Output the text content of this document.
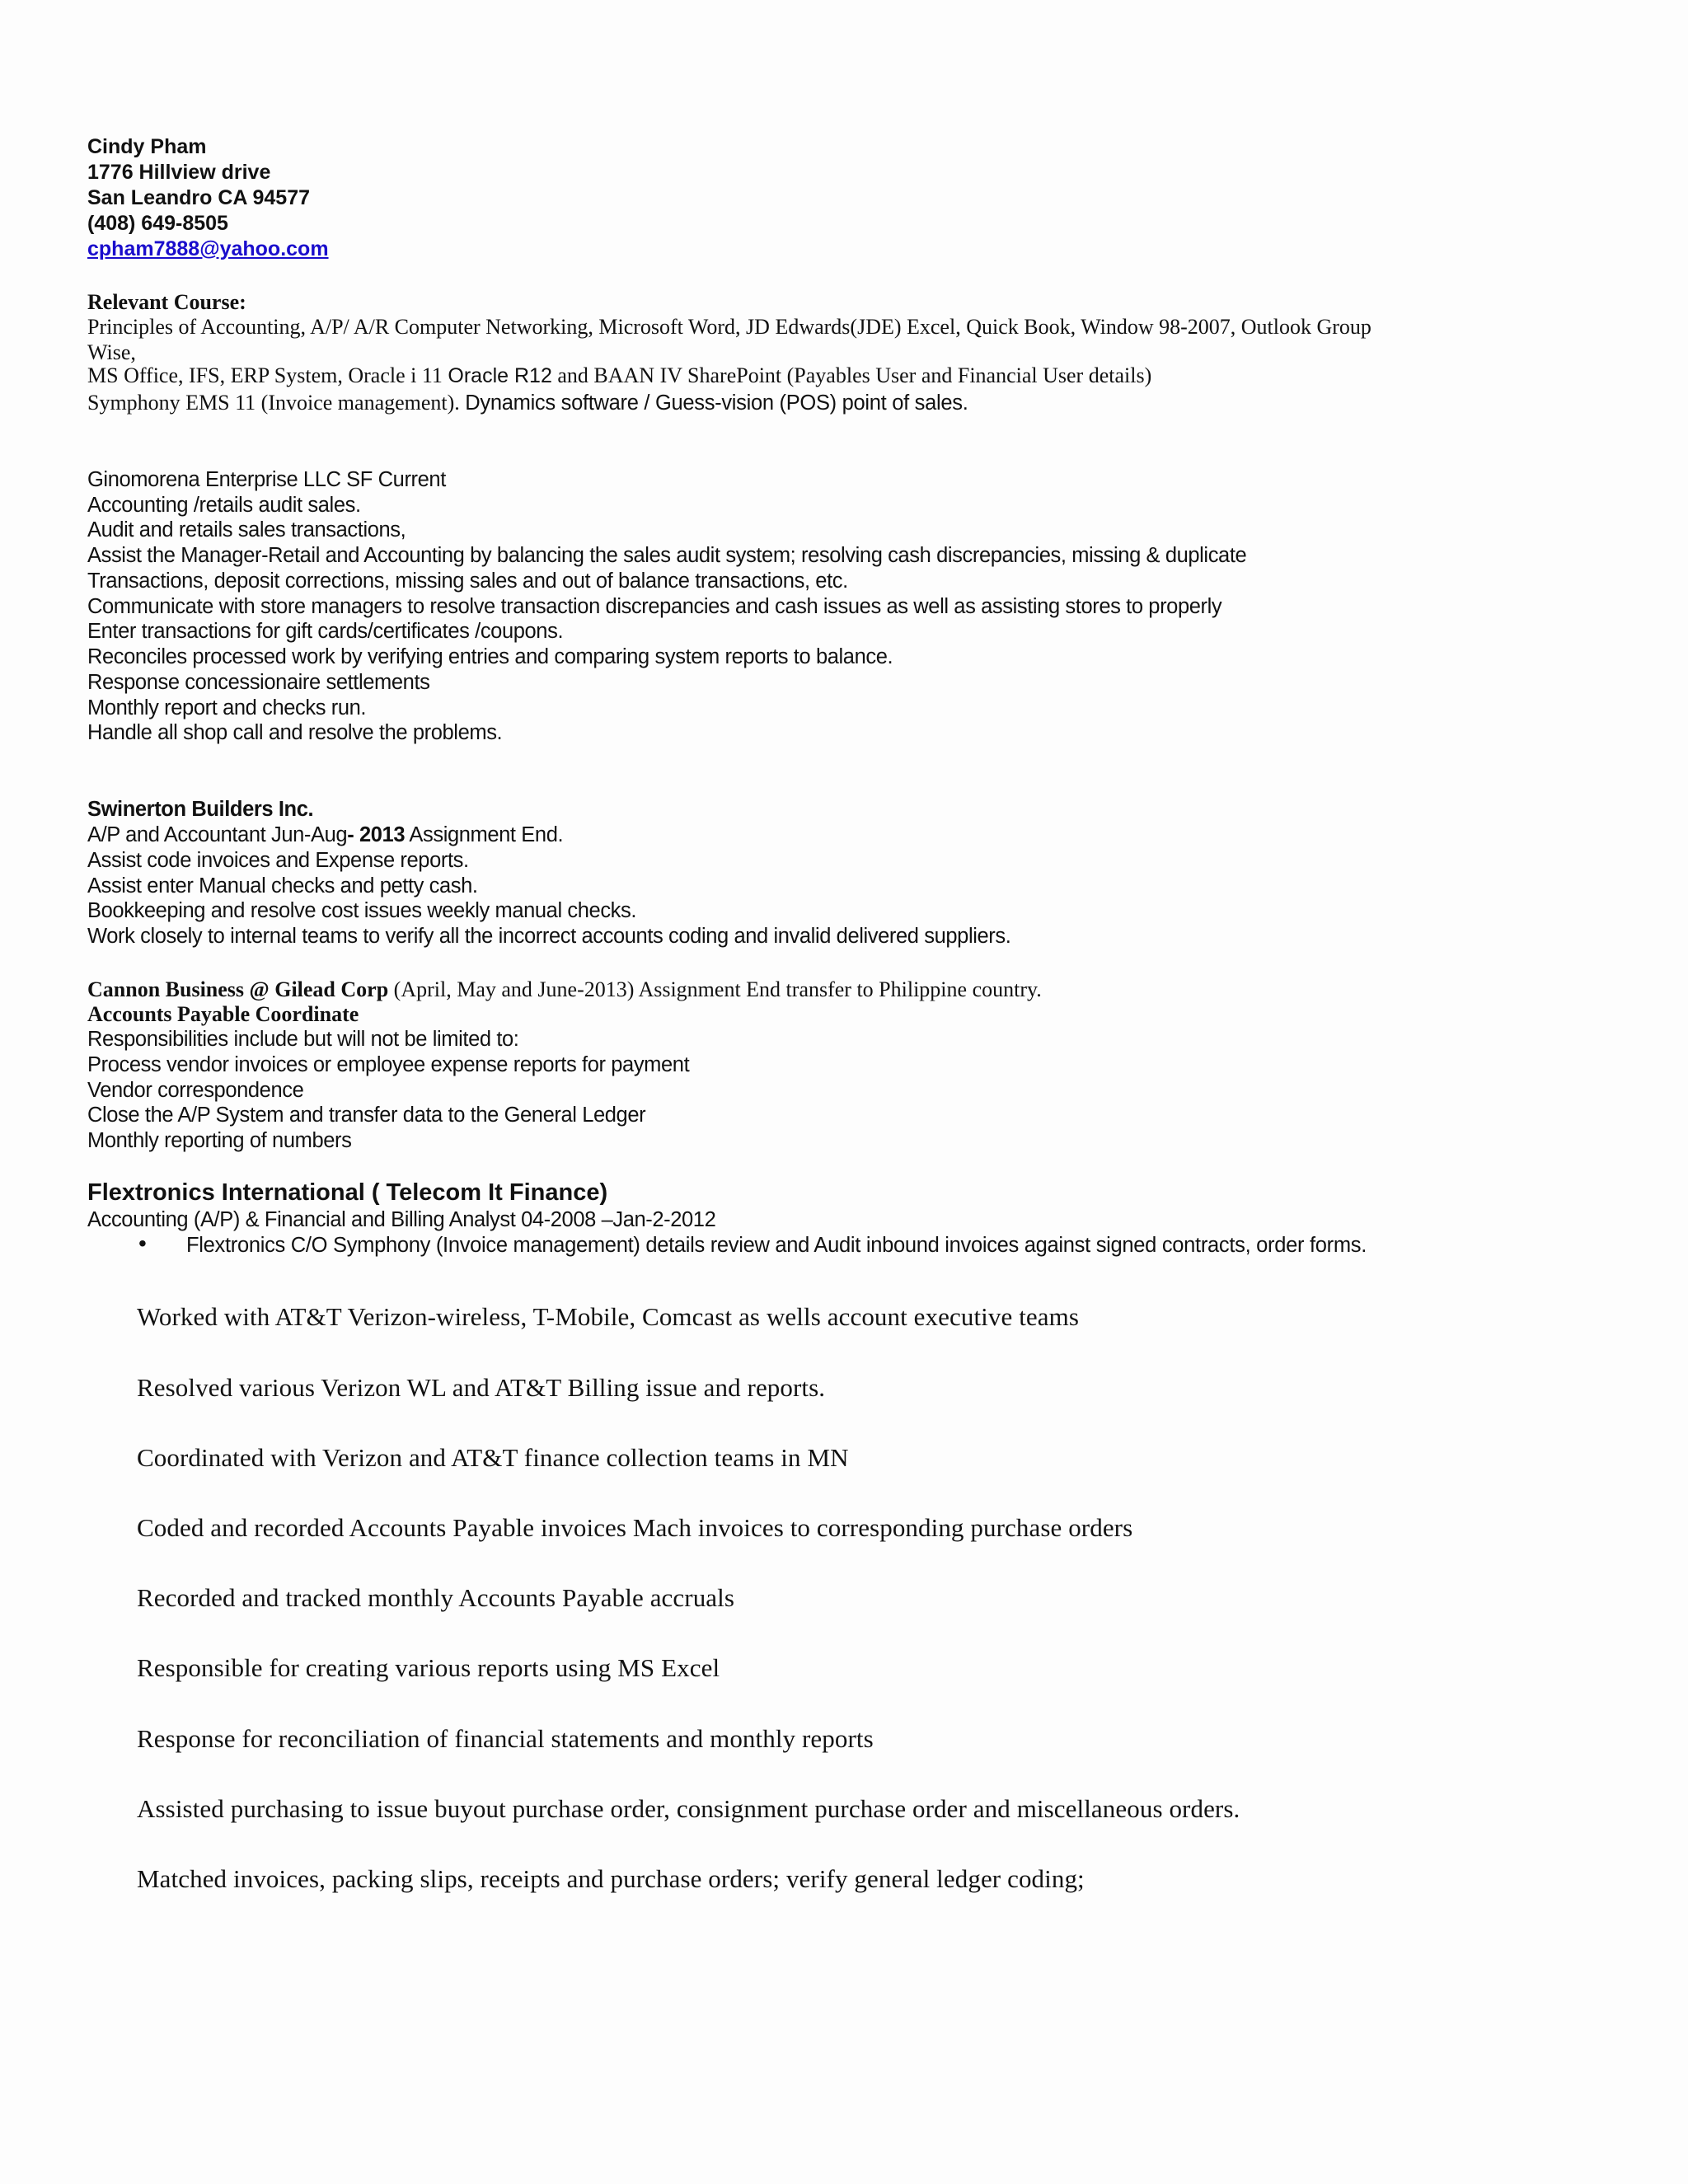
Cindy Pham
1776 Hillview drive
San Leandro CA 94577
(408) 649-8505
cpham7888@yahoo.com
Relevant Course:
Principles of Accounting, A/P/ A/R Computer Networking, Microsoft Word, JD Edwards(JDE) Excel, Quick Book, Window 98-2007, Outlook Group
Wise,
MS Office, IFS, ERP System, Oracle i 11 Oracle R12 and BAAN IV SharePoint (Payables User and Financial User details)
Symphony EMS 11 (Invoice management). Dynamics software / Guess-vision (POS) point of sales.
Ginomorena Enterprise LLC SF Current
Accounting /retails audit sales.
Audit and retails sales transactions,
Assist the Manager-Retail and Accounting by balancing the sales audit system; resolving cash discrepancies, missing & duplicate
Transactions, deposit corrections, missing sales and out of balance transactions, etc.
Communicate with store managers to resolve transaction discrepancies and cash issues as well as assisting stores to properly
Enter transactions for gift cards/certificates /coupons.
Reconciles processed work by verifying entries and comparing system reports to balance.
Response concessionaire settlements
Monthly report and checks run.
Handle all shop call and resolve the problems.
Swinerton Builders Inc.
A/P and Accountant Jun-Aug- 2013 Assignment End.
Assist code invoices and Expense reports.
Assist enter Manual checks and petty cash.
Bookkeeping and resolve cost issues weekly manual checks.
Work closely to internal teams to verify all the incorrect accounts coding and invalid delivered suppliers.
Cannon Business @ Gilead Corp (April, May and June-2013) Assignment End transfer to Philippine country.
Accounts Payable Coordinate
Responsibilities include but will not be limited to:
Process vendor invoices or employee expense reports for payment
Vendor correspondence
Close the A/P System and transfer data to the General Ledger
Monthly reporting of numbers
Flextronics International ( Telecom It Finance)
Accounting (A/P) & Financial and Billing Analyst 04-2008 –Jan-2-2012
• Flextronics C/O Symphony (Invoice management) details review and Audit inbound invoices against signed contracts, order forms.
Worked with AT&T Verizon-wireless, T-Mobile, Comcast as wells account executive teams
Resolved various Verizon WL and AT&T Billing issue and reports.
Coordinated with Verizon and AT&T finance collection teams in MN
Coded and recorded Accounts Payable invoices Mach invoices to corresponding purchase orders
Recorded and tracked monthly Accounts Payable accruals
Responsible for creating various reports using MS Excel
Response for reconciliation of financial statements and monthly reports
Assisted purchasing to issue buyout purchase order, consignment purchase order and miscellaneous orders.
Matched invoices, packing slips, receipts and purchase orders; verify general ledger coding;
